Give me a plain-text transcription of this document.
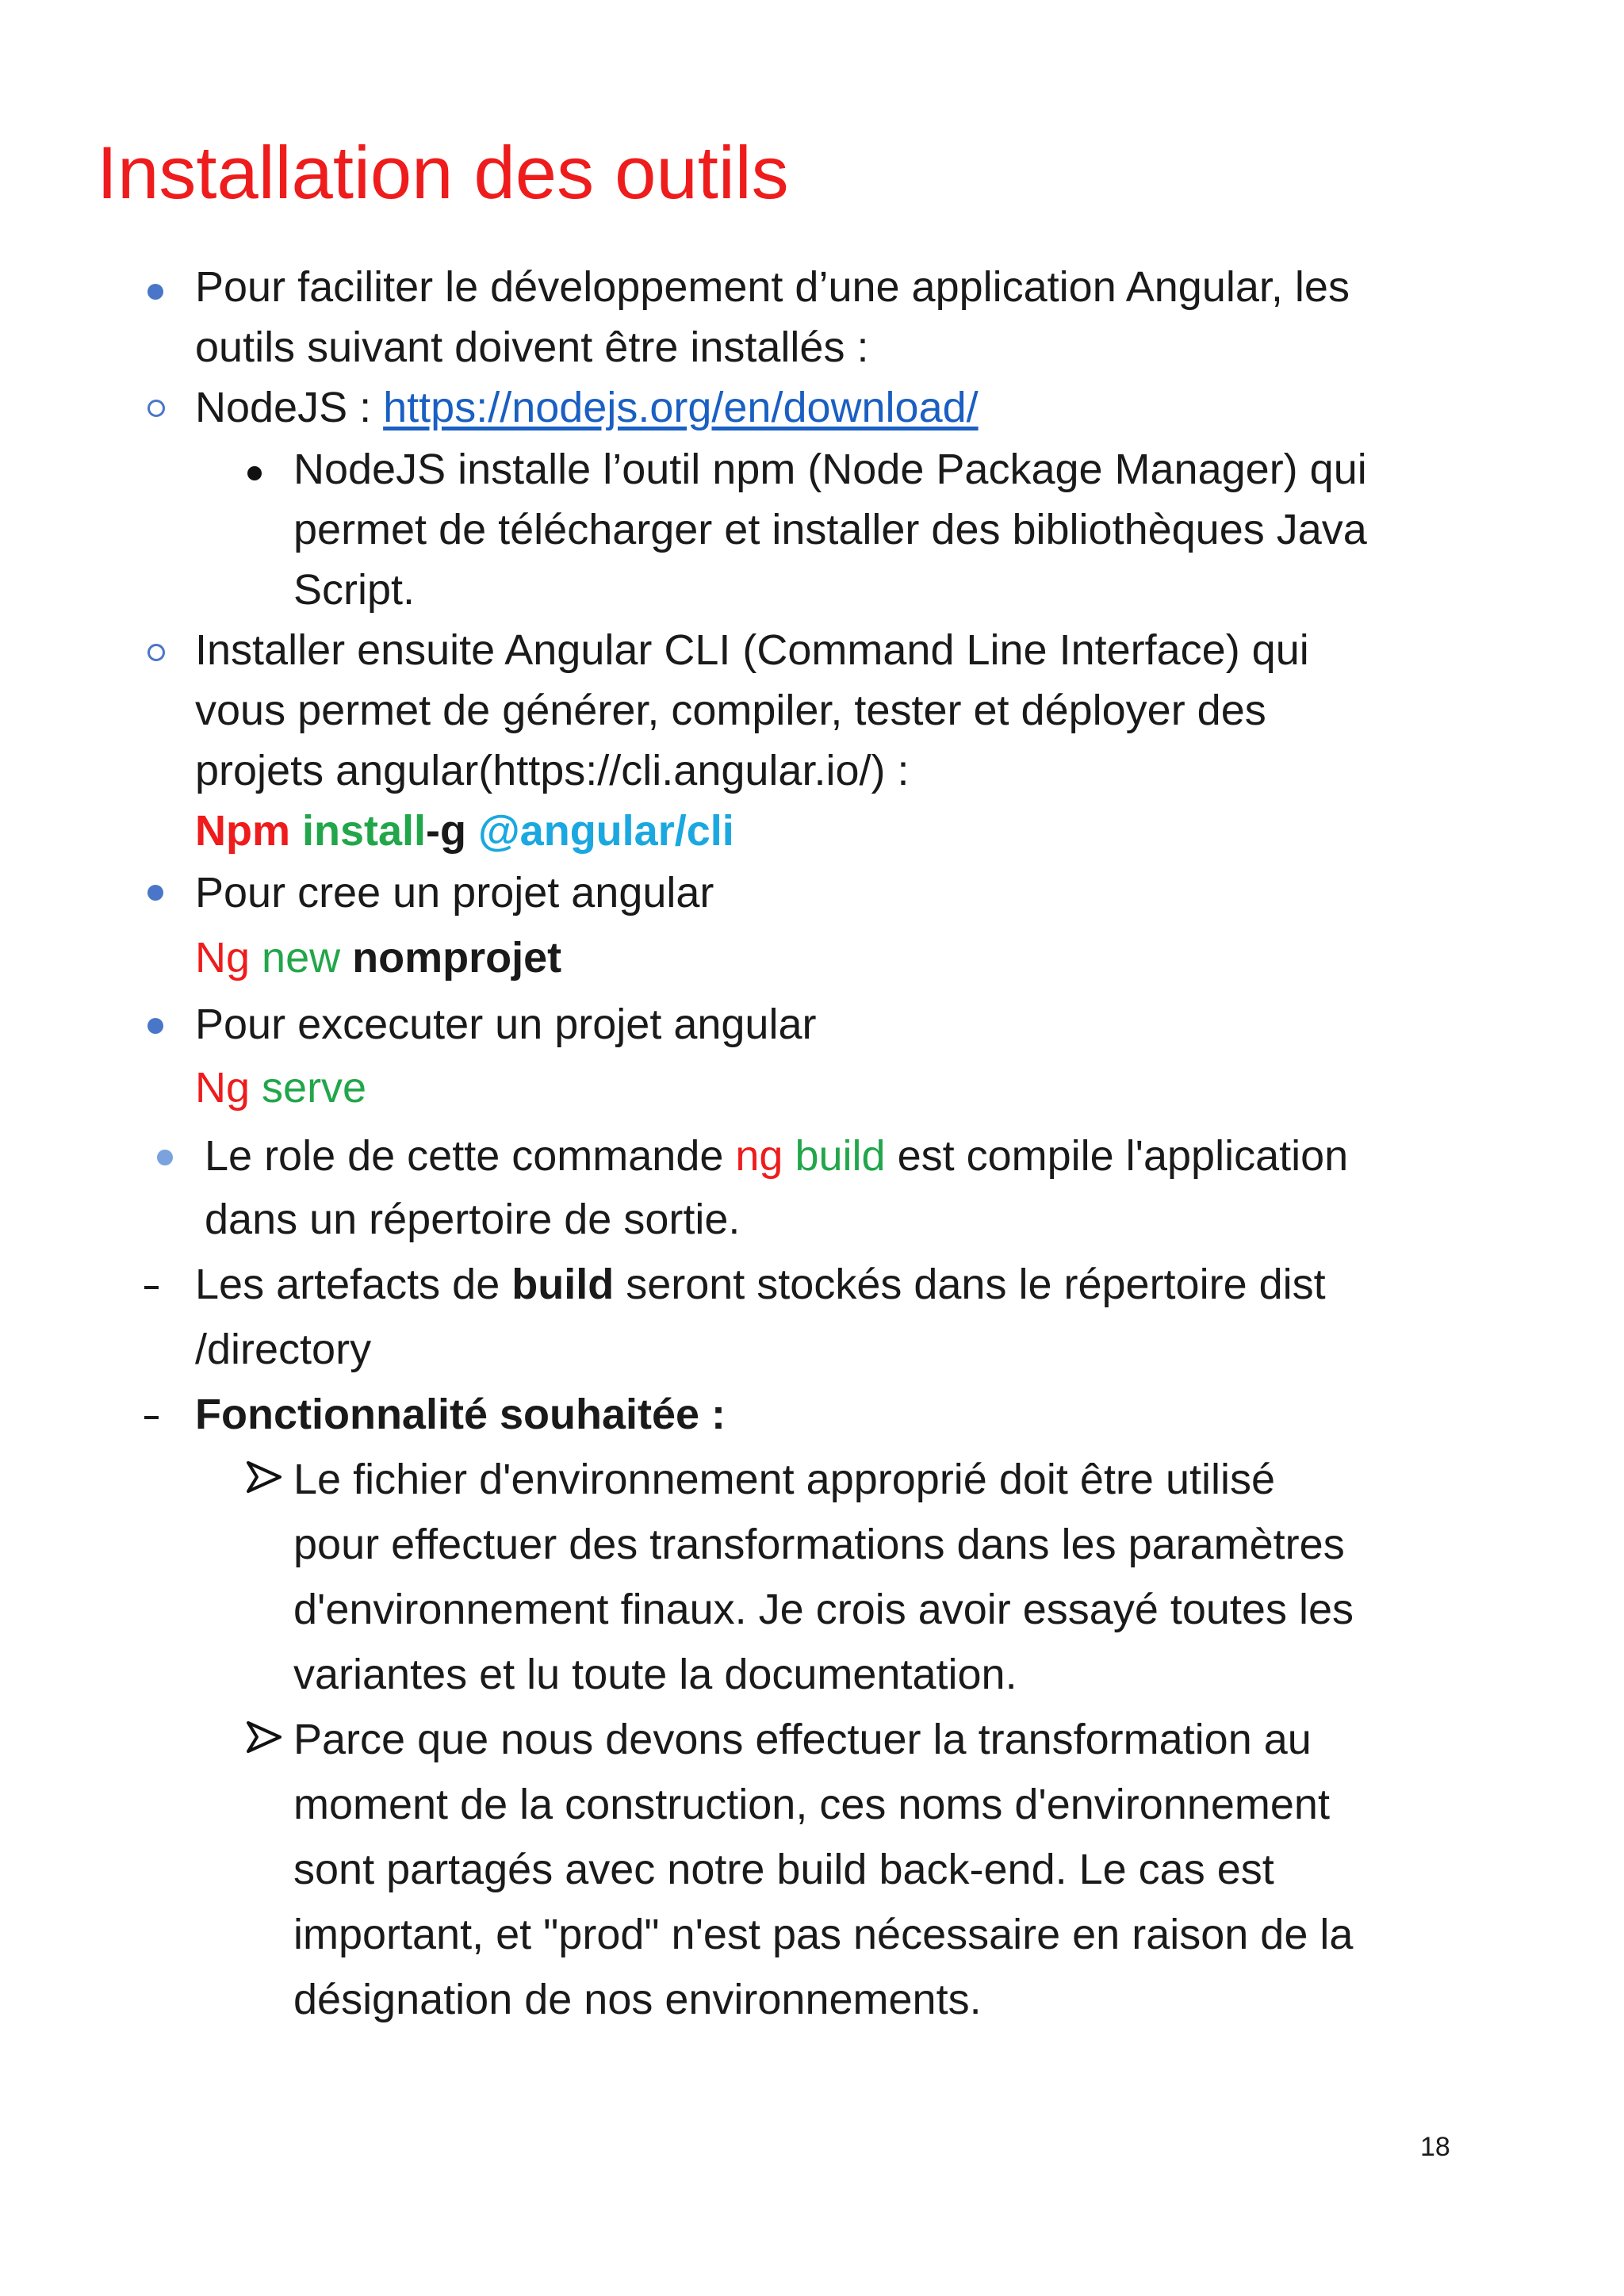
Installation des outils
Pour faciliter le développement d’une application Angular, les
outils suivant doivent être installés :
NodeJS : https://nodejs.org/en/download/
NodeJS installe l’outil npm (Node Package Manager) qui
permet de télécharger et installer des bibliothèques Java
Script.
Installer ensuite Angular CLI (Command Line Interface) qui
vous permet de générer, compiler, tester et déployer des
projets angular(https://cli.angular.io/) :
Npm install-g @angular/cli
Pour cree un projet angular
Ng new nomprojet
Pour excecuter un projet angular
Ng serve
Le role de cette commande ng build est compile l'application
dans un répertoire de sortie.
Les artefacts de build seront stockés dans le répertoire dist
/directory
Fonctionnalité souhaitée :
Le fichier d'environnement approprié doit être utilisé
pour effectuer des transformations dans les paramètres
d'environnement finaux. Je crois avoir essayé toutes les
variantes et lu toute la documentation.
Parce que nous devons effectuer la transformation au
moment de la construction, ces noms d'environnement
sont partagés avec notre build back-end. Le cas est
important, et "prod" n'est pas nécessaire en raison de la
désignation de nos environnements.
18
